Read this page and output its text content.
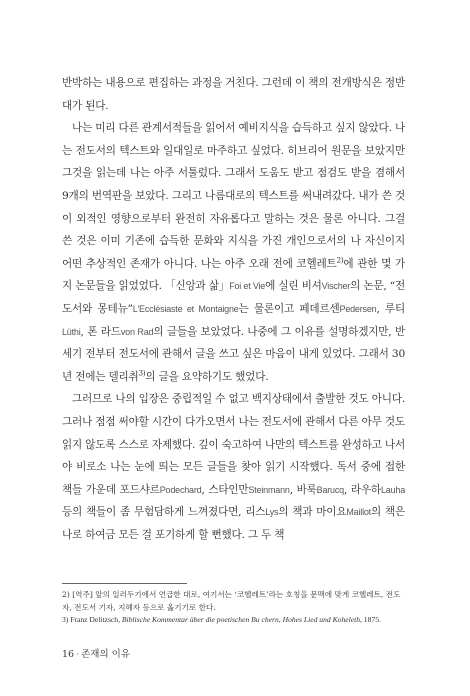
반박하는 내용으로 편집하는 과정을 거친다. 그런데 이 책의 전개방식은 정반대가 된다.

나는 미리 다른 관계서적들을 읽어서 예비지식을 습득하고 싶지 않았다. 나는 전도서의 텍스트와 일대일로 마주하고 싶었다. 히브리어 원문을 보았지만 그것을 읽는데 나는 아주 서툴렀다. 그래서 도움도 받고 점검도 받을 겸해서 9개의 번역판을 보았다. 그리고 나름대로의 텍스트를 써내려갔다. 내가 쓴 것이 외적인 영향으로부터 완전히 자유롭다고 말하는 것은 물론 아니다. 그걸 쓴 것은 이미 기존에 습득한 문화와 지식을 가진 개인으로서의 나 자신이지 어떤 추상적인 존재가 아니다. 나는 아주 오래 전에 코헬레트$^{2)}$에 관한 몇 가지 논문들을 읽었었다. 「신앙과 삶」Foi et Vie에 실린 비셔Vischer의 논문, “전도서와 몽테뉴”L'Ecclésiaste et Montaigne는 물론이고 페데르센Pedersen, 루티Lüthi, 폰 라드von Rad의 글들을 보았었다. 나중에 그 이유를 설명하겠지만, 반세기 전부터 전도서에 관해서 글을 쓰고 싶은 마음이 내게 있었다. 그래서 30년 전에는 델리취$^{3)}$의 글을 요약하기도 했었다.

그러므로 나의 입장은 중립적일 수 없고 백지상태에서 출발한 것도 아니다. 그러나 점점 써야할 시간이 다가오면서 나는 전도서에 관해서 다른 아무 것도 읽지 않도록 스스로 자제했다. 깊이 숙고하여 나만의 텍스트를 완성하고 나서야 비로소 나는 눈에 띄는 모든 글들을 찾아 읽기 시작했다. 독서 중에 접한 책들 가운데 포드샤르Podechard, 스타인만Steinmann, 바룩Barucq, 라우하Lauha 등의 책들이 좀 무험담하게 느껴졌다면, 리스Lys의 책과 마이요Maillot의 책은 나로 하여금 모든 걸 포기하게 할 뻔했다. 그 두 책

2) [역주] 앞의 일러두기에서 언급한 대로, 여기서는 ‘코헬레트’라는 호칭을 문맥에 맞게 코헬레트, 전도자, 전도서 기자, 지혜자 등으로 옮기기로 한다.

3) Franz Delitzsch, Biblische Kommentar über die poetischen Bu chern, Hohes Lied und Koheleth, 1875.

16 · 존재의 이유
